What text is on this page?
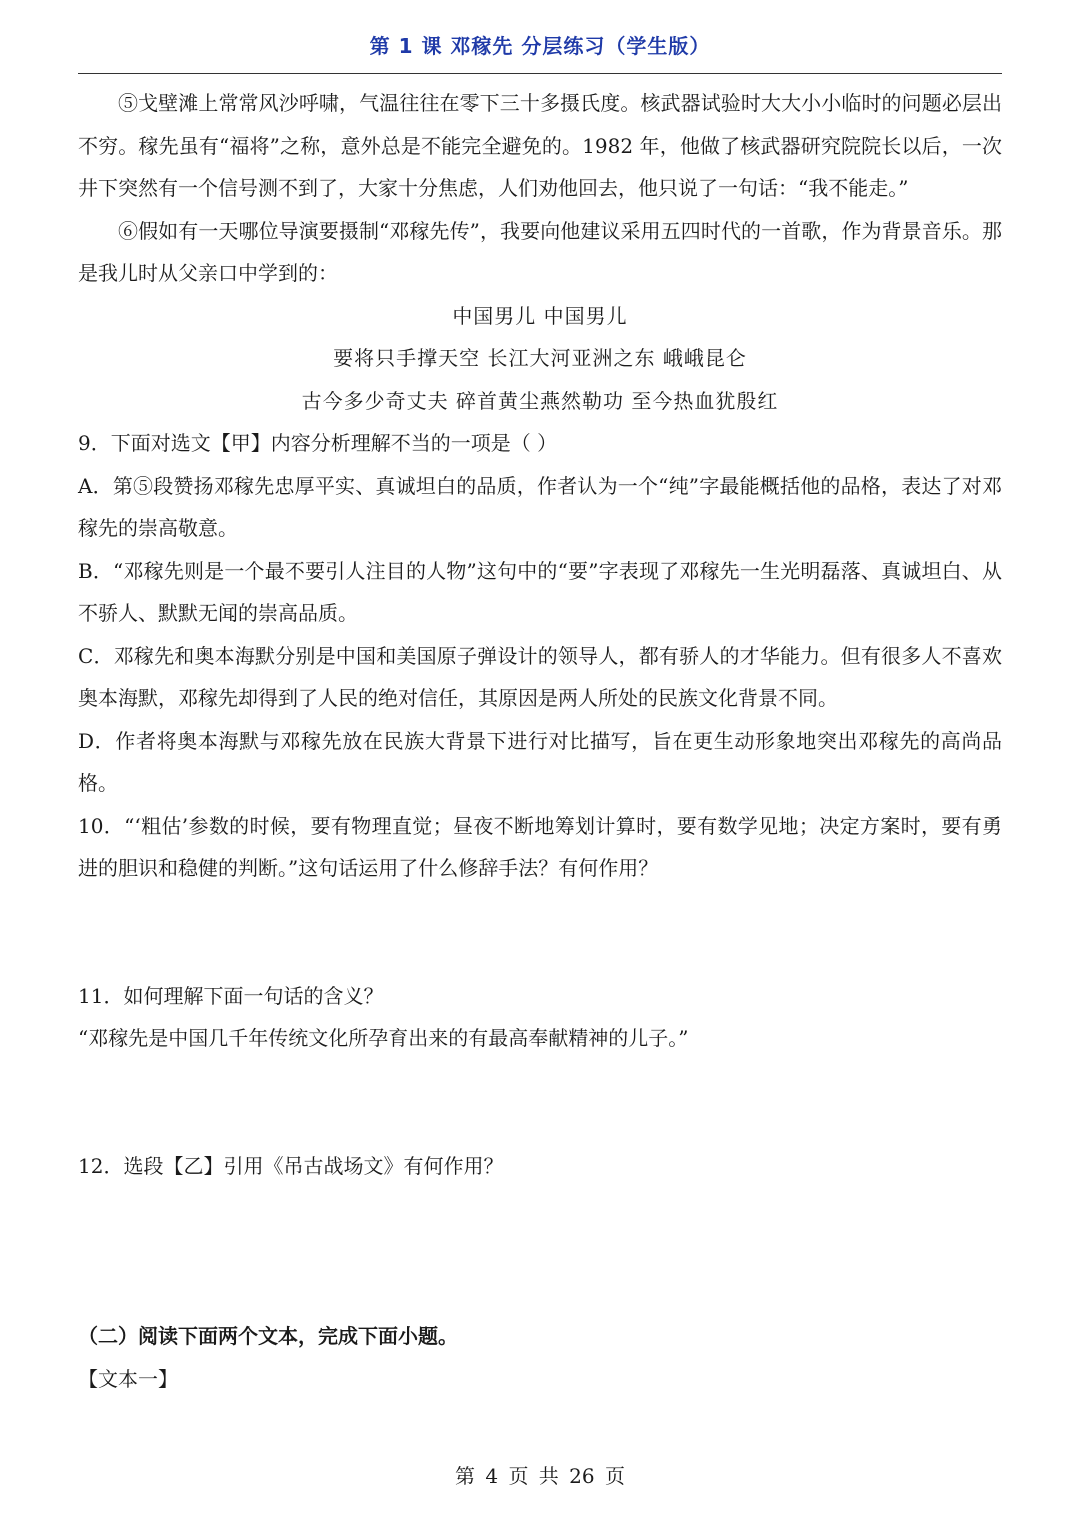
第 1 课 邓稼先 分层练习（学生版）

⑤戈壁滩上常常风沙呼啸，气温往往在零下三十多摄氏度。核武器试验时大大小小临时的问题必层出不穷。稼先虽有“福将”之称，意外总是不能完全避免的。1982 年，他做了核武器研究院院长以后，一次井下突然有一个信号测不到了，大家十分焦虑，人们劝他回去，他只说了一句话：“我不能走。”

⑥假如有一天哪位导演要摄制“邓稼先传”，我要向他建议采用五四时代的一首歌，作为背景音乐。那是我儿时从父亲口中学到的：

中国男儿 中国男儿

要将只手撑天空 长江大河亚洲之东 峨峨昆仑

古今多少奇丈夫 碎首黄尘燕然勒功 至今热血犹殷红

9．下面对选文【甲】内容分析理解不当的一项是（ ）

A．第⑤段赞扬邓稼先忠厚平实、真诚坦白的品质，作者认为一个“纯”字最能概括他的品格，表达了对邓稼先的崇高敬意。

B．“邓稼先则是一个最不要引人注目的人物”这句中的“要”字表现了邓稼先一生光明磊落、真诚坦白、从不骄人、默默无闻的崇高品质。

C．邓稼先和奥本海默分别是中国和美国原子弹设计的领导人，都有骄人的才华能力。但有很多人不喜欢奥本海默，邓稼先却得到了人民的绝对信任，其原因是两人所处的民族文化背景不同。

D．作者将奥本海默与邓稼先放在民族大背景下进行对比描写，旨在更生动形象地突出邓稼先的高尚品格。

10．“‘粗估’参数的时候，要有物理直觉；昼夜不断地筹划计算时，要有数学见地；决定方案时，要有勇进的胆识和稳健的判断。”这句话运用了什么修辞手法？有何作用？

11．如何理解下面一句话的含义？

“邓稼先是中国几千年传统文化所孕育出来的有最高奉献精神的儿子。”

12．选段【乙】引用《吊古战场文》有何作用？

（二）阅读下面两个文本，完成下面小题。

【文本一】

第 4 页 共 26 页
